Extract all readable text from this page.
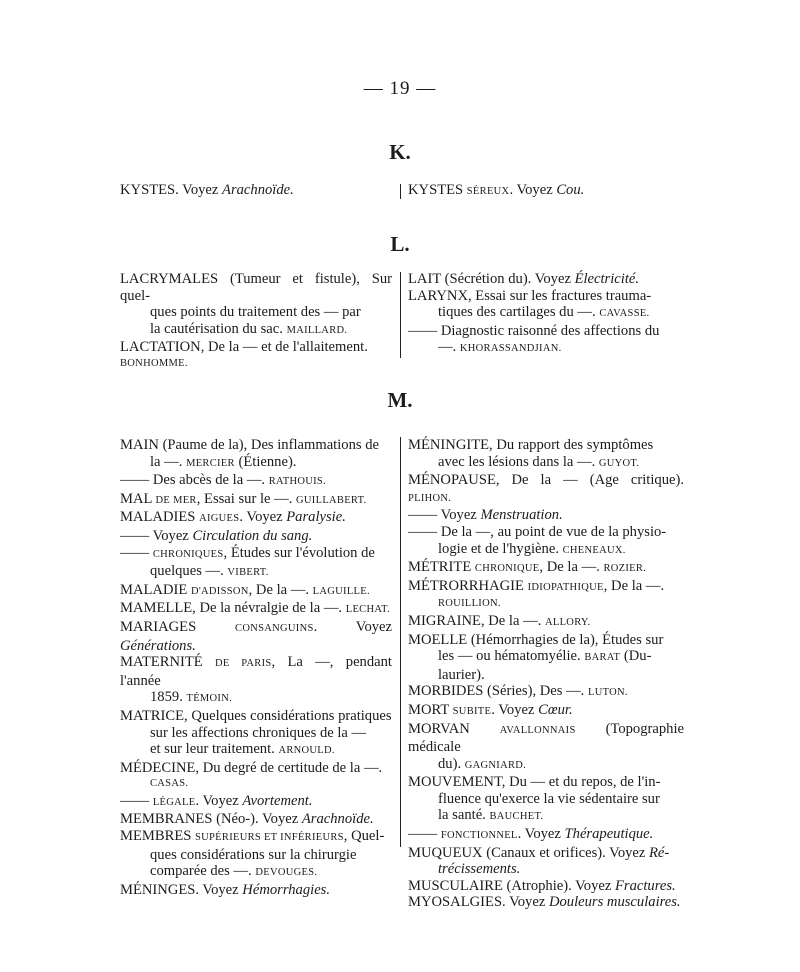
— 19 —
K.
KYSTES. Voyez Arachnoïde.	KYSTES SÉREUX. Voyez Cou.
L.
LACRYMALES (Tumeur et fistule), Sur quel-
ques points du traitement des — par
la cautérisation du sac. MAILLARD.
LACTATION, De la — et de l'allaitement.
BONHOMME.
LAIT (Sécrétion du). Voyez Électricité.
LARYNX, Essai sur les fractures trauma-
tiques des cartilages du —. CAVASSE.
—— Diagnostic raisonné des affections du
—. KHORASSANDJIAN.
M.
MAIN (Paume de la), Des inflammations de
la —. MERCIER (Étienne).
—— Des abcès de la —. RATHOUIS.
MAL DE MER, Essai sur le —. GUILLABERT.
MALADIES AIGUES. Voyez Paralysie.
—— Voyez Circulation du sang.
—— CHRONIQUES, Études sur l'évolution de
quelques —. VIBERT.
MALADIE D'ADISSON, De la —. LAGUILLE.
MAMELLE, De la névralgie de la —. LECHAT.
MARIAGES CONSANGUINS. Voyez Générations.
MATERNITÉ DE PARIS, La —, pendant l'année
1859. TÉMOIN.
MATRICE, Quelques considérations pratiques
sur les affections chroniques de la —
et sur leur traitement. ARNOULD.
MÉDECINE, Du degré de certitude de la —.
CASAS.
—— LÉGALE. Voyez Avortement.
MEMBRANES (Néo-). Voyez Arachnoïde.
MEMBRES SUPÉRIEURS ET INFÉRIEURS, Quel-
ques considérations sur la chirurgie
comparée des —. DEVOUGES.
MÉNINGES. Voyez Hémorrhagies.
MÉNINGITE, Du rapport des symptômes
avec les lésions dans la —. GUYOT.
MÉNOPAUSE, De la — (Age critique). PLIHON.
—— Voyez Menstruation.
—— De la —, au point de vue de la physio-
logie et de l'hygiène. CHENEAUX.
MÉTRITE CHRONIQUE, De la —. ROZIER.
MÉTRORRHAGIE IDIOPATHIQUE, De la —.
ROUILLION.
MIGRAINE, De la —. ALLORY.
MOELLE (Hémorrhagies de la), Études sur
les — ou hématomyélie. BARAT (Du-
laurier).
MORBIDES (Séries), Des —. LUTON.
MORT SUBITE. Voyez Cœur.
MORVAN AVALLONNAIS (Topographie médicale
du). GAGNIARD.
MOUVEMENT, Du — et du repos, de l'in-
fluence qu'exerce la vie sédentaire sur
la santé. BAUCHET.
—— FONCTIONNEL. Voyez Thérapeutique.
MUQUEUX (Canaux et orifices). Voyez Ré-
trécissements.
MUSCULAIRE (Atrophie). Voyez Fractures.
MYOSALGIES. Voyez Douleurs musculaires.
